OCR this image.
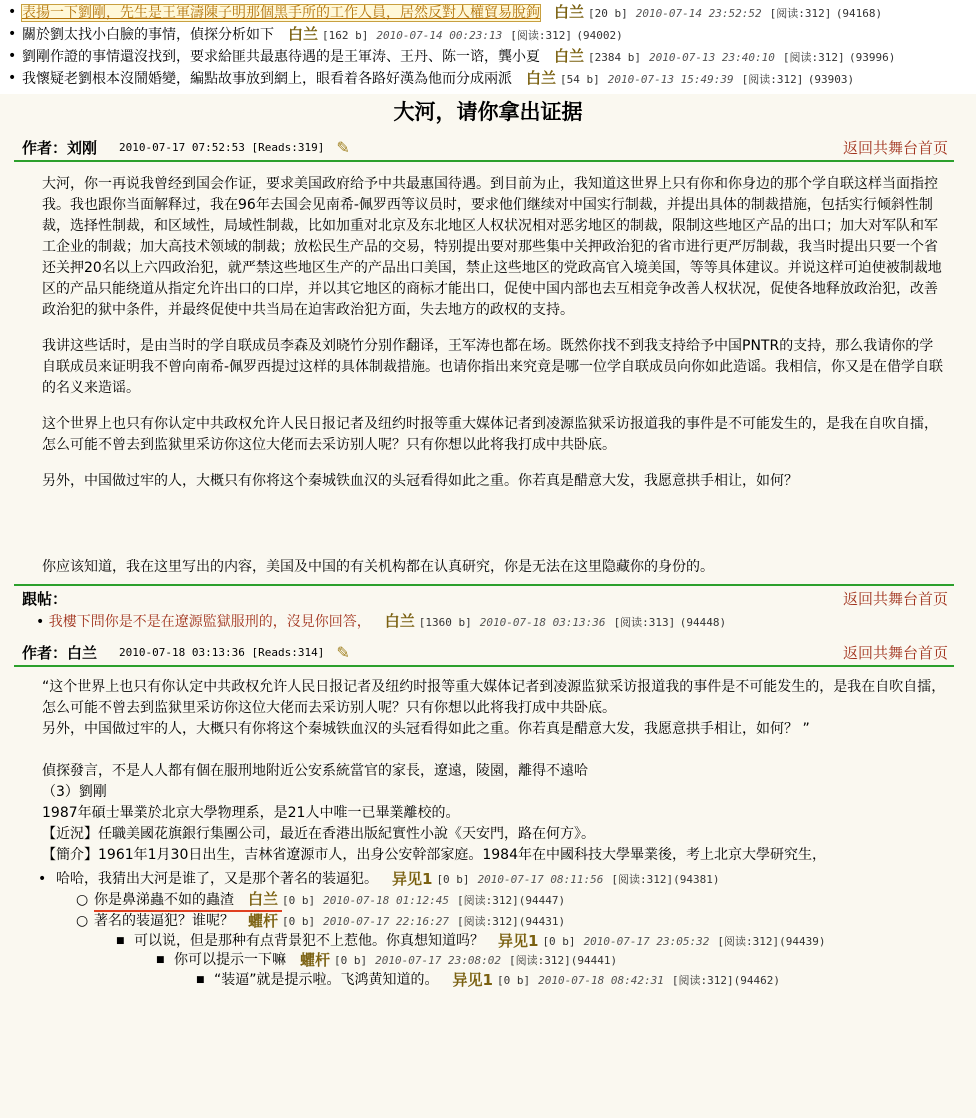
• 表揚一下劉剛，先生是王軍濤陳子明那個黑手所的工作人員，居然反對人權貿易脫鉤 白兰 [20 b] 2010-07-14 23:52:52 [阅读:312] (94168)
• 關於劉太找小白臉的事情，偵探分析如下 白兰 [162 b] 2010-07-14 00:23:13 [阅读:312] (94002)
• 劉剛作證的事情還沒找到，要求給匪共最惠待遇的是王軍涛、王丹、陈一谘，龔小夏 白兰 [2384 b] 2010-07-13 23:40:10 [阅读:312] (93996)
• 我懷疑老劉根本沒鬧婚變，編點故事放到網上，眼看着各路好漢為他而分成兩派 白兰 [54 b] 2010-07-13 15:49:39 [阅读:312] (93903)
大河，请你拿出证据
作者：刘刚 2010-07-17 07:52:53 [Reads:319] ✎	返回共舞台首页

大河，你一再说我曾经到国会作证，要求美国政府给予中共最惠国待遇。到目前为止，我知道这世界上只有你和你身边的那个学自联这样当面指控我。我也跟你当面解释过，我在96年去国会见南希-佩罗西等议员时，要求他们继续对中国实行制裁，并提出具体的制裁措施，包括实行倾斜性制裁，选择性制裁，和区域性，局域性制裁，比如加重对北京及东北地区人权状况相对恶劣地区的制裁，限制这些地区产品的出口；加大对军队和军工企业的制裁；加大高技术领域的制裁；放松民生产品的交易，特别提出要对那些集中关押政治犯的省市进行更严厉制裁，我当时提出只要一个省还关押20名以上六四政治犯，就严禁这些地区生产的产品出口美国，禁止这些地区的党政高官入境美国，等等具体建议。并说这样可迫使被制裁地区的产品只能绕道从指定允许出口的口岸，并以其它地区的商标才能出口，促使中国内部也去互相竞争改善人权状况，促使各地释放政治犯，改善政治犯的狱中条件，并最终促使中共当局在迫害政治犯方面，失去地方的政权的支持。

我讲这些话时，是由当时的学自联成员李森及刘晓竹分别作翻译，王军涛也都在场。既然你找不到我支持给予中国PNTR的支持，那么我请你的学自联成员来证明我不曾向南希-佩罗西提过这样的具体制裁措施。也请你指出来究竟是哪一位学自联成员向你如此造谣。我相信，你又是在借学自联的名义来造谣。

这个世界上也只有你认定中共政权允许人民日报记者及纽约时报等重大媒体记者到凌源监狱采访报道我的事件是不可能发生的，是我在自吹自擂，怎么可能不曾去到监狱里采访你这位大佬而去采访别人呢？只有你想以此将我打成中共卧底。

另外，中国做过牢的人，大概只有你将这个秦城铁血汉的头冠看得如此之重。你若真是醋意大发，我愿意拱手相让，如何？

你应该知道，我在这里写出的内容，美国及中国的有关机构都在认真研究，你是无法在这里隐藏你的身份的。

跟帖：	返回共舞台首页
• 我樓下問你是不是在遼源監獄服刑的，沒見你回答， 白兰 [1360 b] 2010-07-18 03:13:36 [阅读:313] (94448)
作者：白兰 2010-07-18 03:13:36 [Reads:314] ✎	返回共舞台首页
“这个世界上也只有你认定中共政权允许人民日报记者及纽约时报等重大媒体记者到凌源监狱采访报道我的事件是不可能发生的，是我在自吹自擂，怎么可能不曾去到监狱里采访你这位大佬而去采访别人呢？只有你想以此将我打成中共卧底。
另外，中国做过牢的人，大概只有你将这个秦城铁血汉的头冠看得如此之重。你若真是醋意大发，我愿意拱手相让，如何？ ”
偵探發言，不是人人都有個在服刑地附近公安系統當官的家長，遼遠，陵園，離得不遠哈
（3）劉剛
1987年碩士畢業於北京大學物理系，是21人中唯一已畢業離校的。
【近況】任職美國花旗銀行集團公司，最近在香港出版紀實性小說《天安門，路在何方》。
【簡介】1961年1月30日出生，吉林省遼源市人，出身公安幹部家庭。1984年在中國科技大學畢業後，考上北京大學研究生，
• 哈哈，我猜出大河是谁了，又是那个著名的装逼犯。 异见1 [0 b] 2010-07-17 08:11:56 [阅读:312] (94381)
○ 你是鼻涕蟲不如的蟲渣 白兰 [0 b] 2010-07-18 01:12:45 [阅读:312] (94447)
○ 著名的装逼犯？谁呢？ 蠷杆 [0 b] 2010-07-17 22:16:27 [阅读:312] (94431)
■ 可以说，但是那种有点背景犯不上惹他。你真想知道吗？ 异见1 [0 b] 2010-07-17 23:05:32 [阅读:312] (94439)
■ 你可以提示一下嘛 蠷杆 [0 b] 2010-07-17 23:08:02 [阅读:312] (94441)
■ “装逼”就是提示啦。飞鸿黄知道的。 异见1 [0 b] 2010-07-18 08:42:31 [阅读:312] (94462)
